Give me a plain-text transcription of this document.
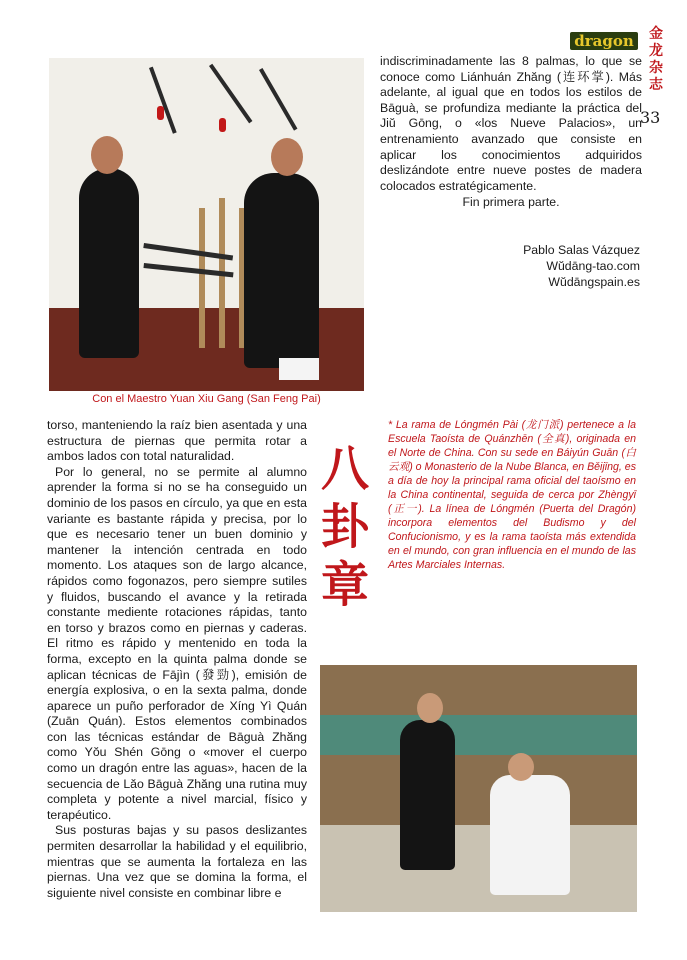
dragon	金
龙
杂
志
33
Con el Maestro Yuan Xiu Gang (San Feng Pai)

indiscriminadamente las 8 palmas, lo que se conoce como Liánhuán Zhăng (连环掌). Más adelante, al igual que en todos los estilos de Bāguà, se profundiza mediante la práctica del Jiŭ Gōng, o «los Nueve Palacios», un entrenamiento avanzado que consiste en aplicar los conocimientos adquiridos deslizándote entre nueve postes de madera colocados estratégicamente.

Fin primera parte.
Pablo Salas Vázquez
Wŭdāng-tao.com
Wŭdāngspain.es

torso, manteniendo la raíz bien asentada y una estructura de piernas que permita rotar a ambos lados con total naturalidad.

Por lo general, no se permite al alumno aprender la forma si no se ha conseguido un dominio de los pasos en círculo, ya que en esta variante es bastante rápida y precisa, por lo que es necesario tener un buen dominio y mantener la intención centrada en todo momento. Los ataques son de largo alcance, rápidos como fogonazos, pero siempre sutiles y fluidos, buscando el avance y la retirada constante mediente rotaciones rápidas, tanto en torso y brazos como en piernas y caderas. El ritmo es rápido y mentenido en toda la forma, excepto en la quinta palma donde se aplican técnicas de Fājìn (發勁), emisión de energía explosiva, o en la sexta palma, donde aparece un puño perforador de Xíng Yì Quán (Zuān Quán). Estos elementos combinados con las técnicas estándar de Bāguà Zhăng como Yŏu Shén Gōng o «mover el cuerpo como un dragón entre las aguas», hacen de la secuencia de Lăo Bāguà Zhăng una rutina muy completa y potente a nivel marcial, físico y terapéutico.

Sus posturas bajas y su pasos deslizantes permiten desarrollar la habilidad y el equilibrio, mientras que se aumenta la fortaleza en las piernas. Una vez que se domina la forma, el siguiente nivel consiste en combinar libre e

八
卦
章
* La rama de Lóngmén Pài (龙门派) pertenece a la Escuela Taoísta de Quánzhēn (全真), originada en el Norte de China. Con su sede en Báiyún Guān (白云观) o Monasterio de la Nube Blanca, en Běijīng, es a día de hoy la principal rama oficial del taoísmo en la China continental, seguida de cerca por Zhèngyī (正一). La línea de Lóngmén (Puerta del Dragón) incorpora elementos del Budismo y del Confucionismo, y es la rama taoísta más extendida en el mundo, con gran influencia en el mundo de las Artes Marciales Internas.
